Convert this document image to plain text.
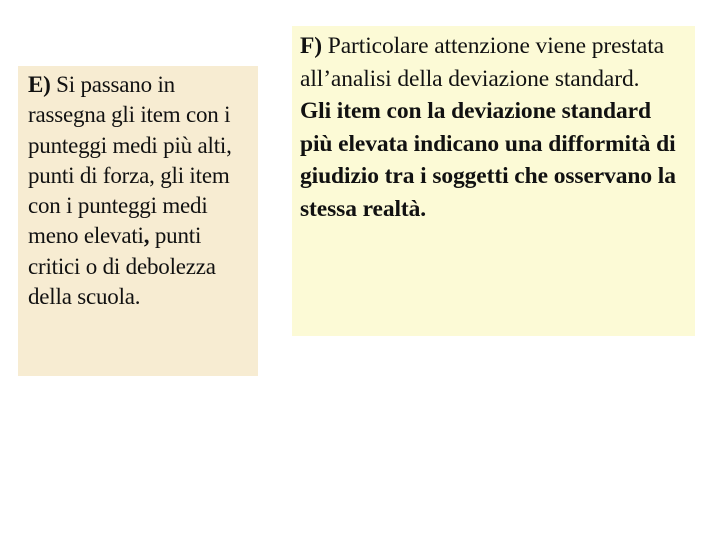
E) Si passano in rassegna gli item con i punteggi medi più alti, punti di forza, gli item con i punteggi medi meno elevati, punti critici o di debolezza della scuola.

F) Particolare attenzione viene prestata all’analisi della deviazione standard.

Gli item con la deviazione standard più elevata indicano una difformità di giudizio tra i soggetti che osservano la stessa realtà.
